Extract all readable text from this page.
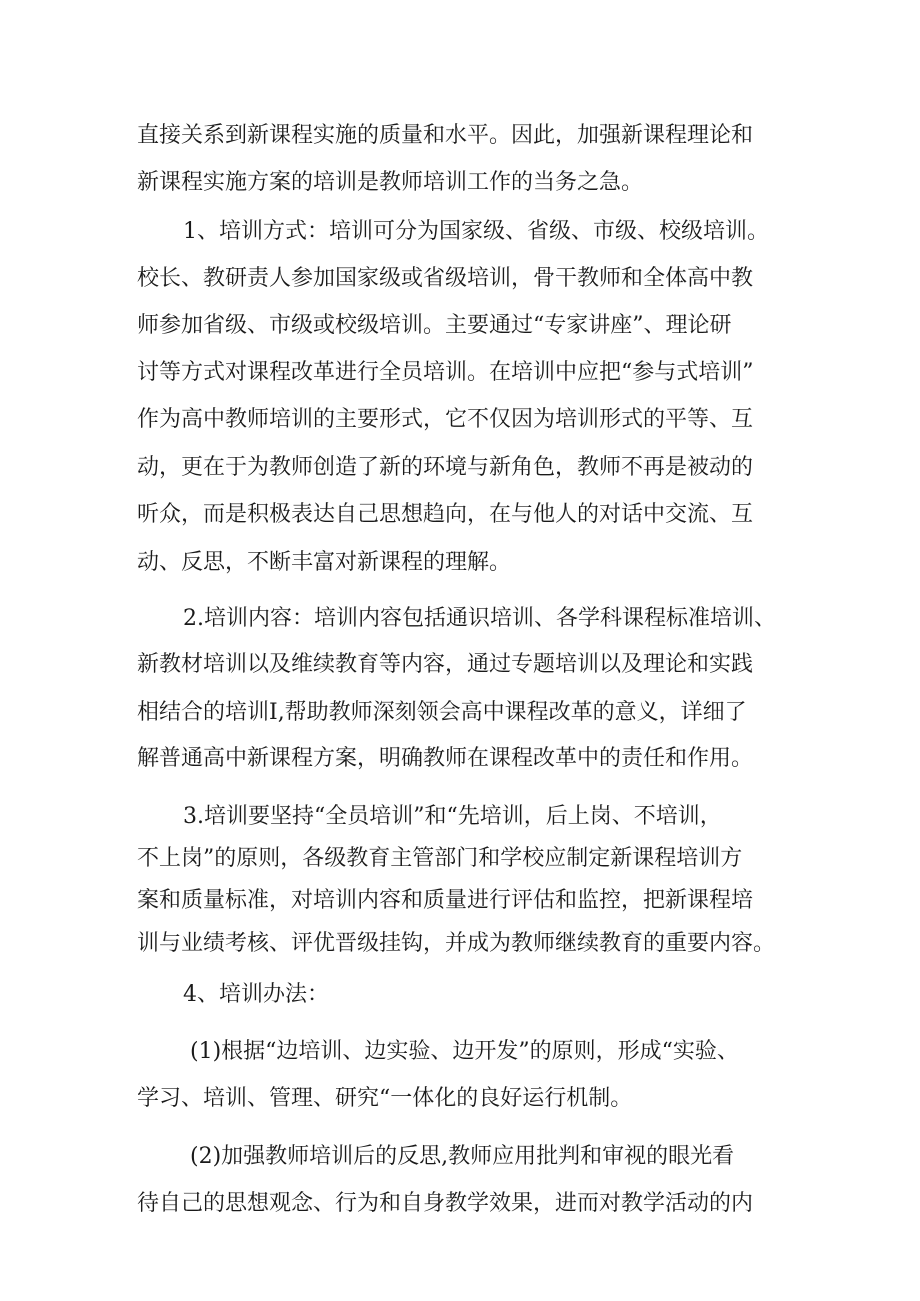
直接关系到新课程实施的质量和水平。因此，加强新课程理论和
新课程实施方案的培训是教师培训工作的当务之急。
1、培训方式：培训可分为国家级、省级、市级、校级培训。
校长、教研责人参加国家级或省级培训，骨干教师和全体高中教
师参加省级、市级或校级培训。主要通过“专家讲座”、理论研
讨等方式对课程改革进行全员培训。在培训中应把“参与式培训”
作为高中教师培训的主要形式，它不仅因为培训形式的平等、互
动，更在于为教师创造了新的环境与新角色，教师不再是被动的
听众，而是积极表达自己思想趋向，在与他人的对话中交流、互
动、反思，不断丰富对新课程的理解。
2.培训内容：培训内容包括通识培训、各学科课程标准培训、
新教材培训以及维续教育等内容，通过专题培训以及理论和实践
相结合的培训I,帮助教师深刻领会高中课程改革的意义，详细了
解普通高中新课程方案，明确教师在课程改革中的责任和作用。
3.培训要坚持“全员培训”和“先培训，后上岗、不培训，
不上岗”的原则，各级教育主管部门和学校应制定新课程培训方
案和质量标准，对培训内容和质量进行评估和监控，把新课程培
训与业绩考核、评优晋级挂钩，并成为教师继续教育的重要内容。
4、培训办法：
(1)根据“边培训、边实验、边开发”的原则，形成“实验、
学习、培训、管理、研究“一体化的良好运行机制。
(2)加强教师培训后的反思,教师应用批判和审视的眼光看
待自己的思想观念、行为和自身教学效果，进而对教学活动的内
